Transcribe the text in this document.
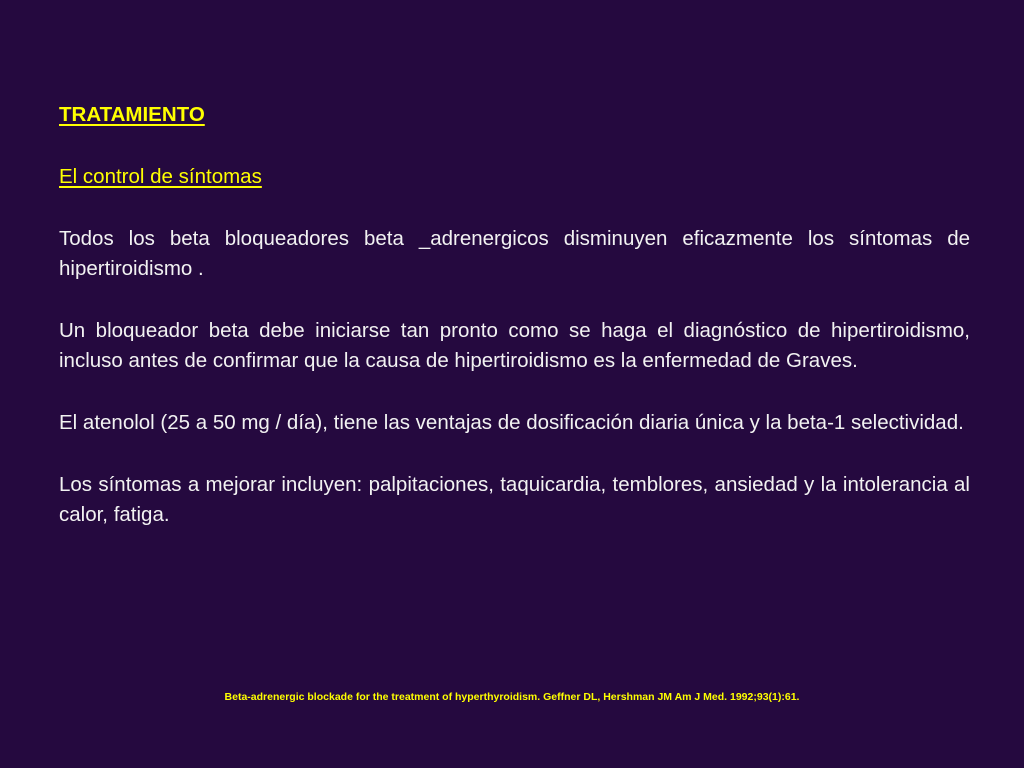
TRATAMIENTO

El control de síntomas

Todos los beta bloqueadores beta _adrenergicos disminuyen eficazmente los síntomas de hipertiroidismo .

Un bloqueador beta debe iniciarse tan pronto como se haga el diagnóstico de hipertiroidismo, incluso antes de confirmar que la causa de hipertiroidismo es la enfermedad de Graves.

El atenolol (25 a 50 mg / día), tiene las ventajas de dosificación diaria única y la beta-1 selectividad.

Los síntomas a mejorar incluyen: palpitaciones, taquicardia, temblores, ansiedad y la intolerancia al calor, fatiga.

Beta-adrenergic blockade for the treatment of hyperthyroidism. Geffner DL, Hershman JM Am J Med. 1992;93(1):61.
